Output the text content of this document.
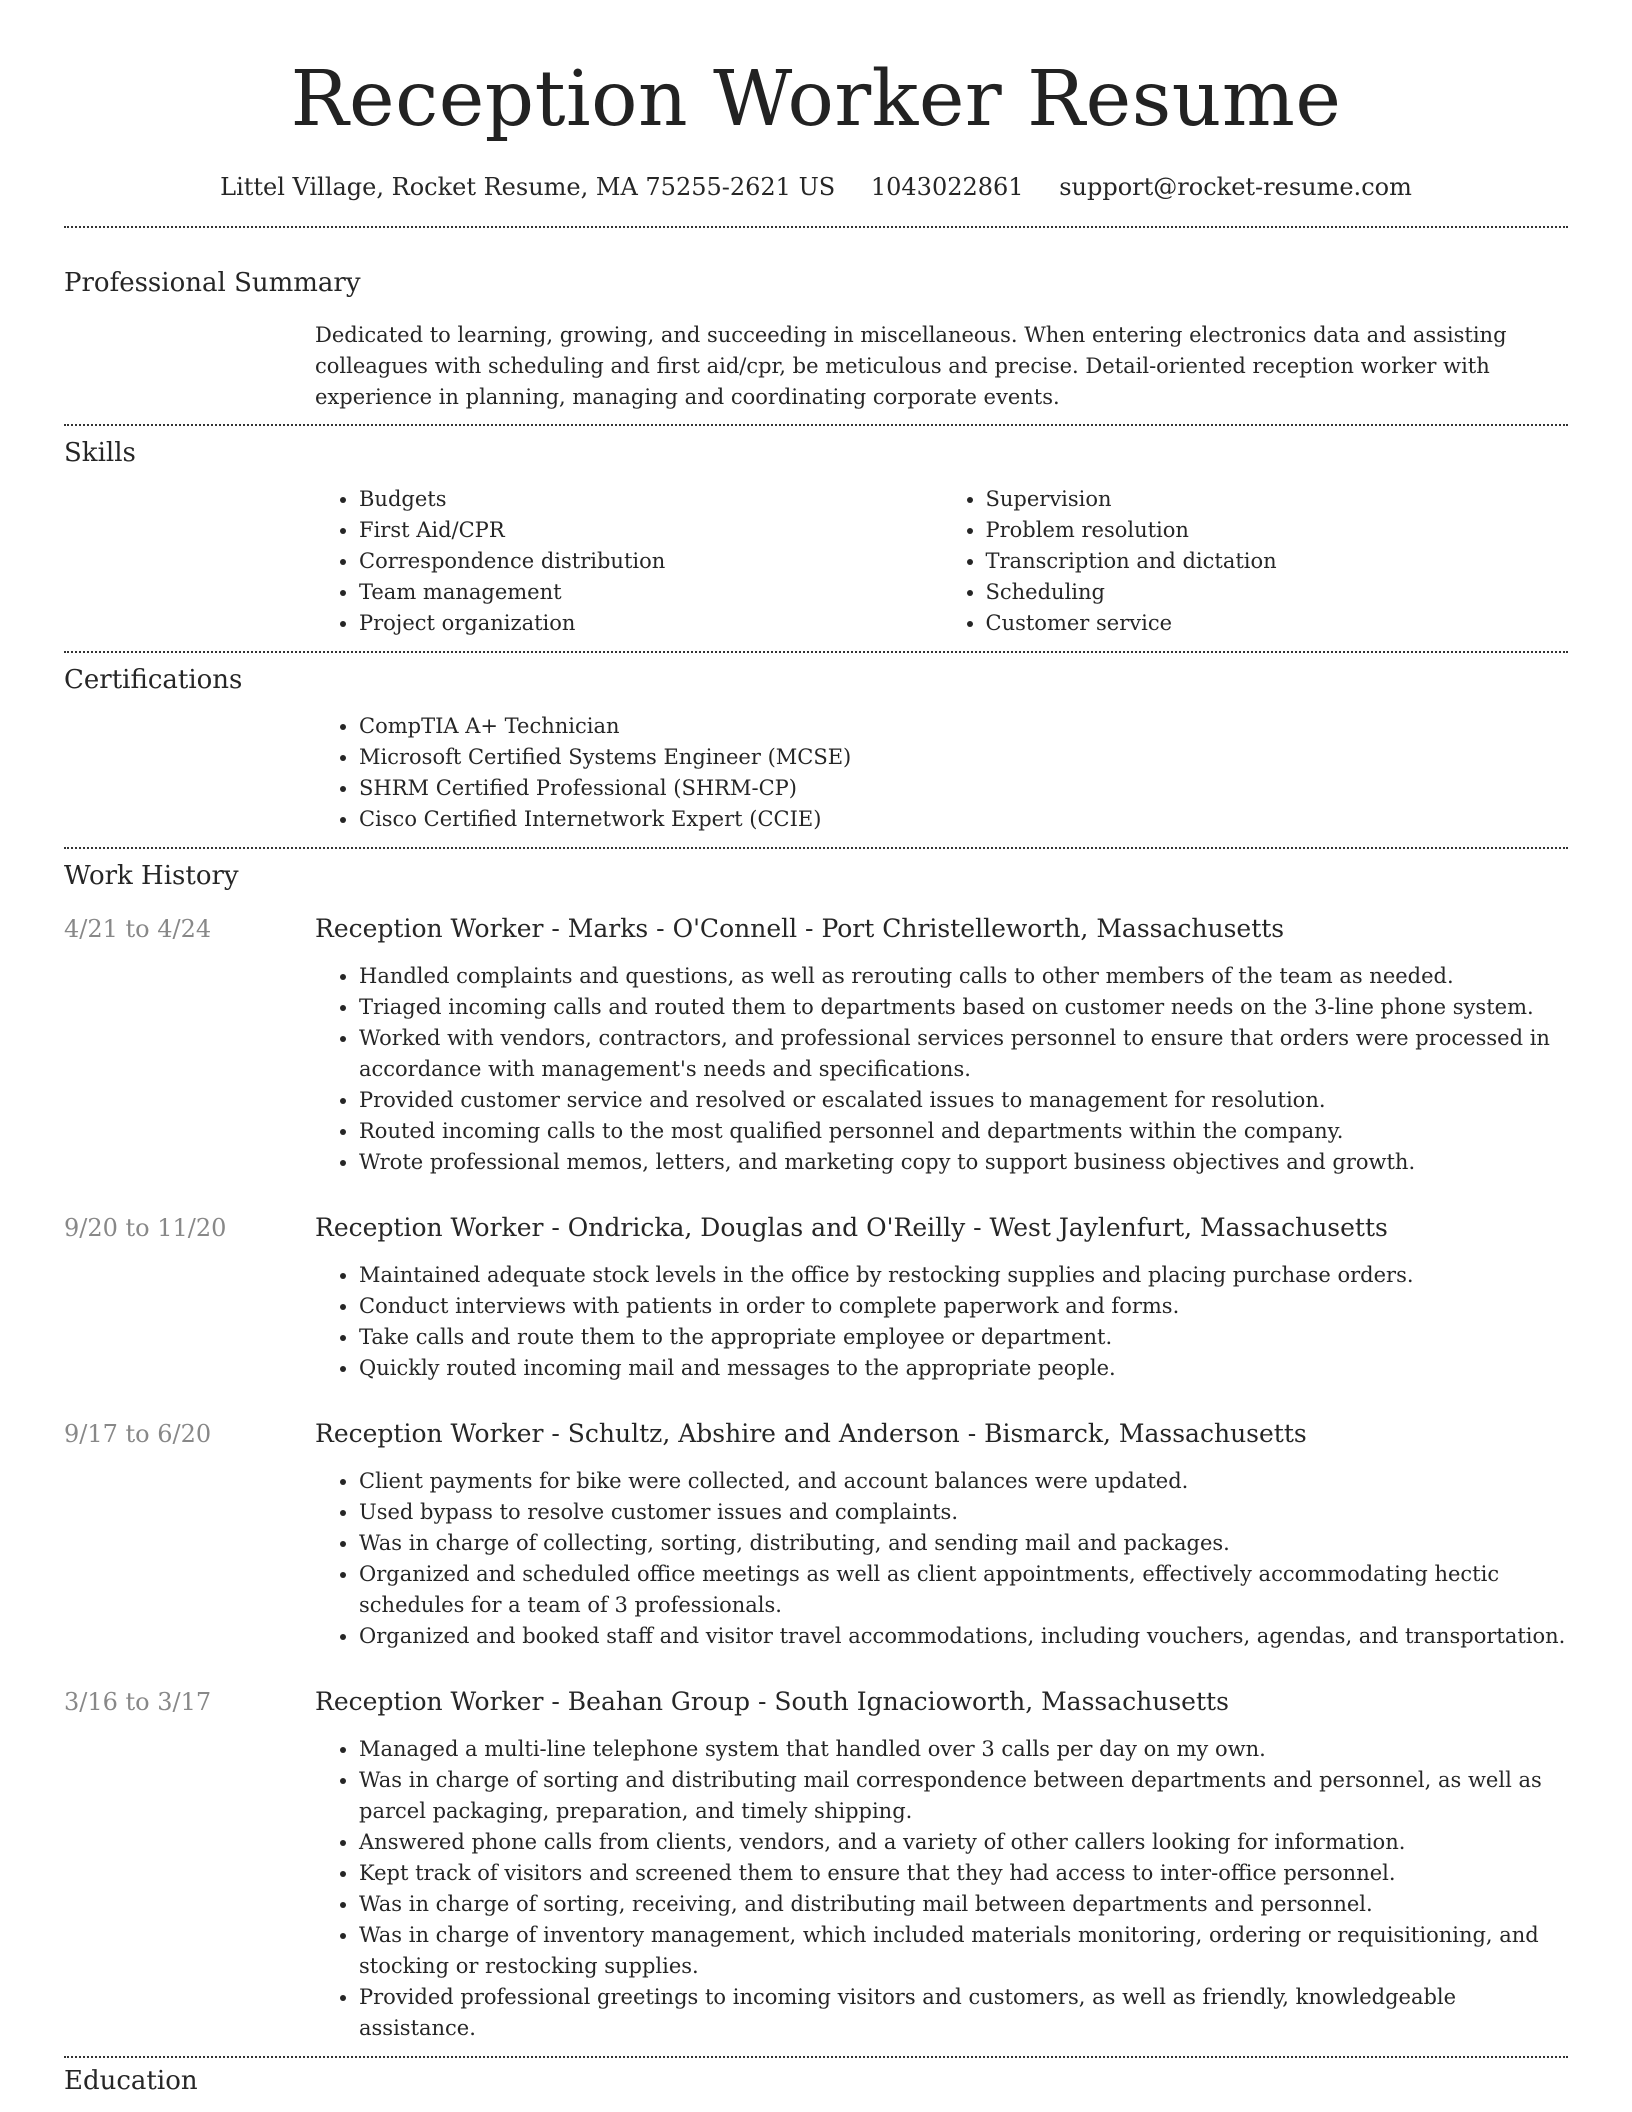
Reception Worker Resume
Littel Village, Rocket Resume, MA 75255-2621 US 1043022861 support@rocket-resume.com
Professional Summary
Dedicated to learning, growing, and succeeding in miscellaneous. When entering electronics data and assisting colleagues with scheduling and first aid/cpr, be meticulous and precise. Detail-oriented reception worker with experience in planning, managing and coordinating corporate events.
Skills
• Budgets
• First Aid/CPR
• Correspondence distribution
• Team management
• Project organization
• Supervision
• Problem resolution
• Transcription and dictation
• Scheduling
• Customer service
Certifications
• CompTIA A+ Technician
• Microsoft Certified Systems Engineer (MCSE)
• SHRM Certified Professional (SHRM-CP)
• Cisco Certified Internetwork Expert (CCIE)
Work History
4/21 to 4/24	Reception Worker - Marks - O'Connell - Port Christelleworth, Massachusetts
• Handled complaints and questions, as well as rerouting calls to other members of the team as needed.
• Triaged incoming calls and routed them to departments based on customer needs on the 3-line phone system.
• Worked with vendors, contractors, and professional services personnel to ensure that orders were processed in accordance with management's needs and specifications.
• Provided customer service and resolved or escalated issues to management for resolution.
• Routed incoming calls to the most qualified personnel and departments within the company.
• Wrote professional memos, letters, and marketing copy to support business objectives and growth.
9/20 to 11/20	Reception Worker - Ondricka, Douglas and O'Reilly - West Jaylenfurt, Massachusetts
• Maintained adequate stock levels in the office by restocking supplies and placing purchase orders.
• Conduct interviews with patients in order to complete paperwork and forms.
• Take calls and route them to the appropriate employee or department.
• Quickly routed incoming mail and messages to the appropriate people.
9/17 to 6/20	Reception Worker - Schultz, Abshire and Anderson - Bismarck, Massachusetts
• Client payments for bike were collected, and account balances were updated.
• Used bypass to resolve customer issues and complaints.
• Was in charge of collecting, sorting, distributing, and sending mail and packages.
• Organized and scheduled office meetings as well as client appointments, effectively accommodating hectic schedules for a team of 3 professionals.
• Organized and booked staff and visitor travel accommodations, including vouchers, agendas, and transportation.
3/16 to 3/17	Reception Worker - Beahan Group - South Ignacioworth, Massachusetts
• Managed a multi-line telephone system that handled over 3 calls per day on my own.
• Was in charge of sorting and distributing mail correspondence between departments and personnel, as well as parcel packaging, preparation, and timely shipping.
• Answered phone calls from clients, vendors, and a variety of other callers looking for information.
• Kept track of visitors and screened them to ensure that they had access to inter-office personnel.
• Was in charge of sorting, receiving, and distributing mail between departments and personnel.
• Was in charge of inventory management, which included materials monitoring, ordering or requisitioning, and stocking or restocking supplies.
• Provided professional greetings to incoming visitors and customers, as well as friendly, knowledgeable assistance.
Education
